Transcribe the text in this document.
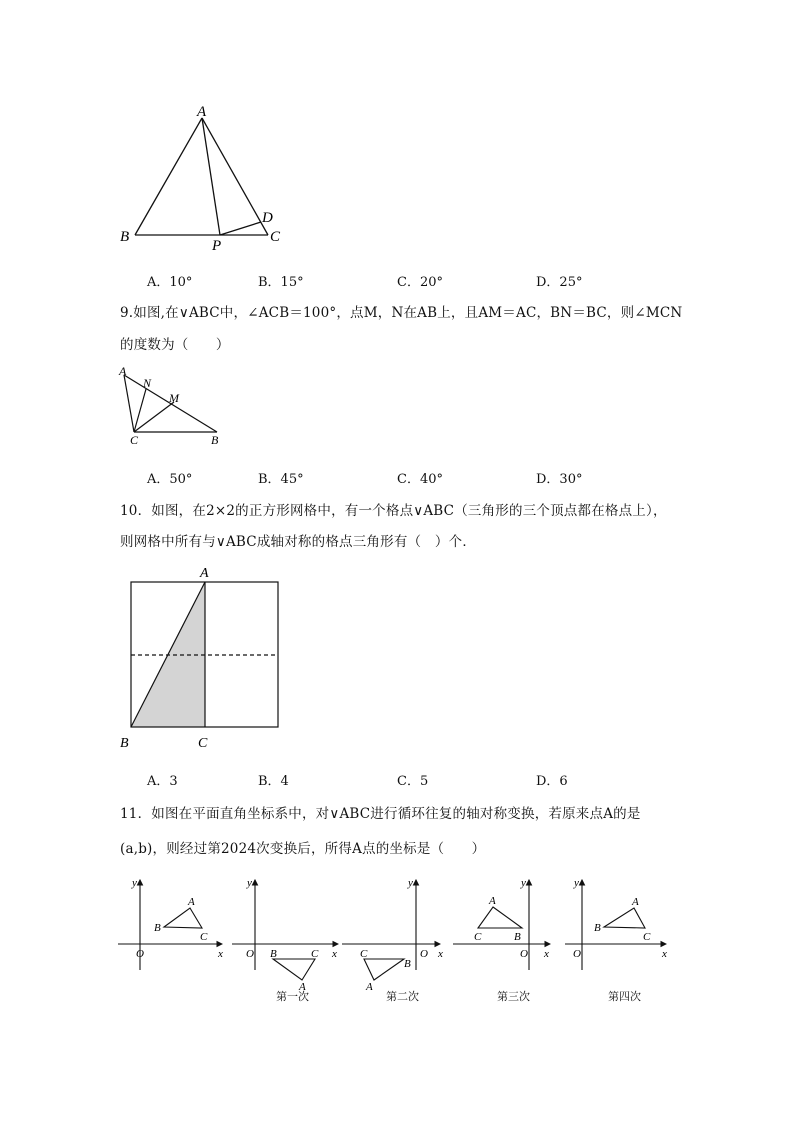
A
B
P
C
D
A．10°	B．15°	C．20°	D．25°
9.如图,在∨ABC中，∠ACB＝100°，点M，N在AB上，且AM＝AC，BN＝BC，则∠MCN
的度数为（　　）
A
N
M
C	B
A．50°	B．45°	C．40°	D．30°
10．如图，在2×2的正方形网格中，有一个格点∨ABC（三角形的三个顶点都在格点上），
则网格中所有与∨ABC成轴对称的格点三角形有（　）个．
A
B	C
A．3	B．4	C．5	D．6
11．如图在平面直角坐标系中，对∨ABC进行循环往复的轴对称变换，若原来点A的是
(a,b)，则经过第2024次变换后，所得A点的坐标是（　　）
y
x
O
A
B
C
y
x
O B	C
A
y
x
O
C
B
A
y
x
O
A
C	B
y
x
O
A
B
C
第一次	第二次	第三次	第四次
